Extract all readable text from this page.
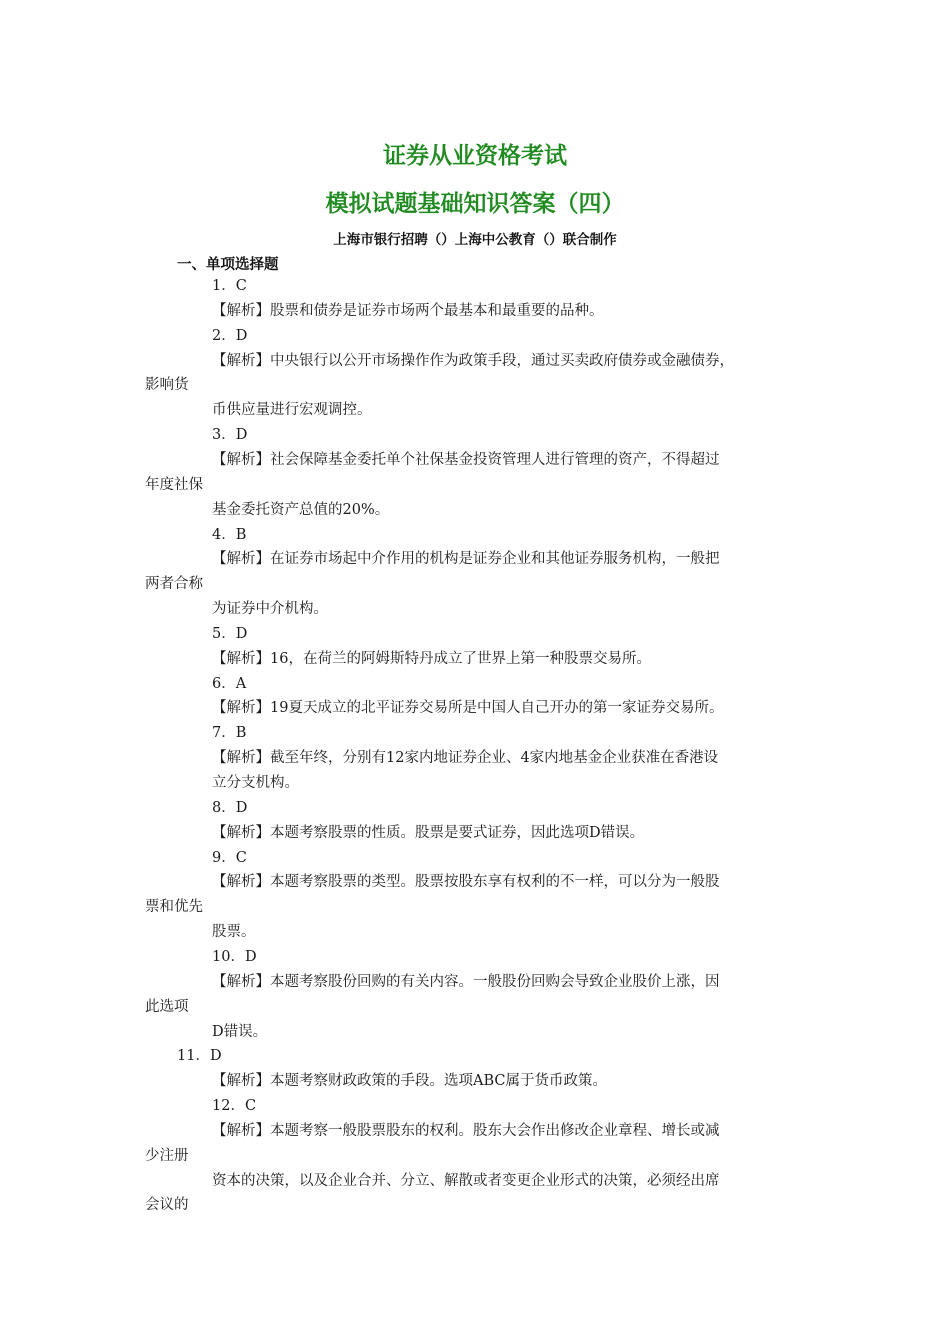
证券从业资格考试
模拟试题基础知识答案（四）
上海市银行招聘（）上海中公教育（）联合制作
一、单项选择题
1．C
【解析】股票和债券是证券市场两个最基本和最重要的品种。
2．D
【解析】中央银行以公开市场操作作为政策手段，通过买卖政府债券或金融债券，
影响货
币供应量进行宏观调控。
3．D
【解析】社会保障基金委托单个社保基金投资管理人进行管理的资产，不得超过
年度社保
基金委托资产总值的20%。
4．B
【解析】在证券市场起中介作用的机构是证券企业和其他证券服务机构，一般把
两者合称
为证券中介机构。
5．D
【解析】16，在荷兰的阿姆斯特丹成立了世界上第一种股票交易所。
6．A
【解析】19夏天成立的北平证券交易所是中国人自己开办的第一家证券交易所。
7．B
【解析】截至年终，分别有12家内地证券企业、4家内地基金企业获准在香港设
立分支机构。
8．D
【解析】本题考察股票的性质。股票是要式证券，因此选项D错误。
9．C
【解析】本题考察股票的类型。股票按股东享有权利的不一样，可以分为一般股
票和优先
股票。
10．D
【解析】本题考察股份回购的有关内容。一般股份回购会导致企业股价上涨，因
此选项
D错误。
11．D
【解析】本题考察财政政策的手段。选项ABC属于货币政策。
12．C
【解析】本题考察一般股票股东的权利。股东大会作出修改企业章程、增长或减
少注册
资本的决策，以及企业合并、分立、解散或者变更企业形式的决策，必须经出席
会议的
